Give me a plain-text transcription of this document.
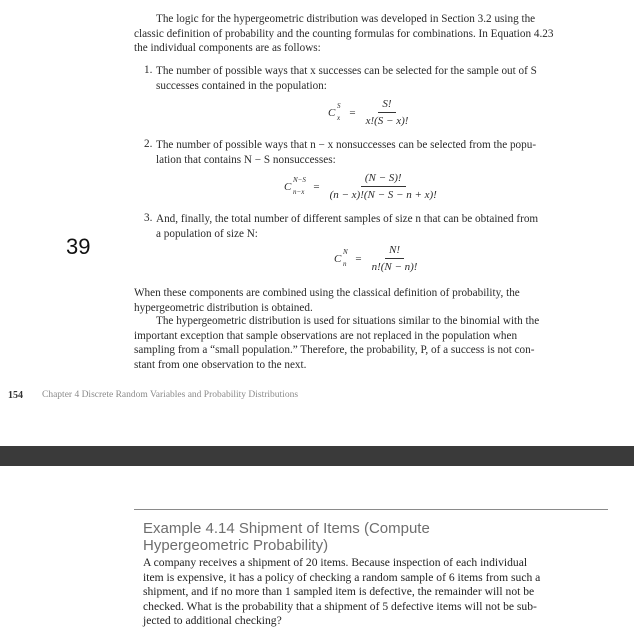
The logic for the hypergeometric distribution was developed in Section 3.2 using the
classic definition of probability and the counting formulas for combinations. In Equation 4.23
the individual components are as follows:
1. The number of possible ways that x successes can be selected for the sample out of S
successes contained in the population:
C
S
$x = \frac{S!}{x!(S - x)!}$
2. The number of possible ways that n − x nonsuccesses can be selected from the popu-
lation that contains N − S nonsuccesses:
C
N−S
$n-x = \frac{(N - S)!}{(n - x)!(N - S - n + x)!}$
3. And, finally, the total number of different samples of size n that can be obtained from
a population of size N:
C
N
$n = \frac{N!}{n!(N - n)!}$
When these components are combined using the classical definition of probability, the
hypergeometric distribution is obtained.
The hypergeometric distribution is used for situations similar to the binomial with the
important exception that sample observations are not replaced in the population when
sampling from a “small population.” Therefore, the probability, P, of a success is not con-
stant from one observation to the next.
39
154 Chapter 4 Discrete Random Variables and Probability Distributions
Example 4.14 Shipment of Items (Compute
Hypergeometric Probability)
A company receives a shipment of 20 items. Because inspection of each individual
item is expensive, it has a policy of checking a random sample of 6 items from such a
shipment, and if no more than 1 sampled item is defective, the remainder will not be
checked. What is the probability that a shipment of 5 defective items will not be sub-
jected to additional checking?
